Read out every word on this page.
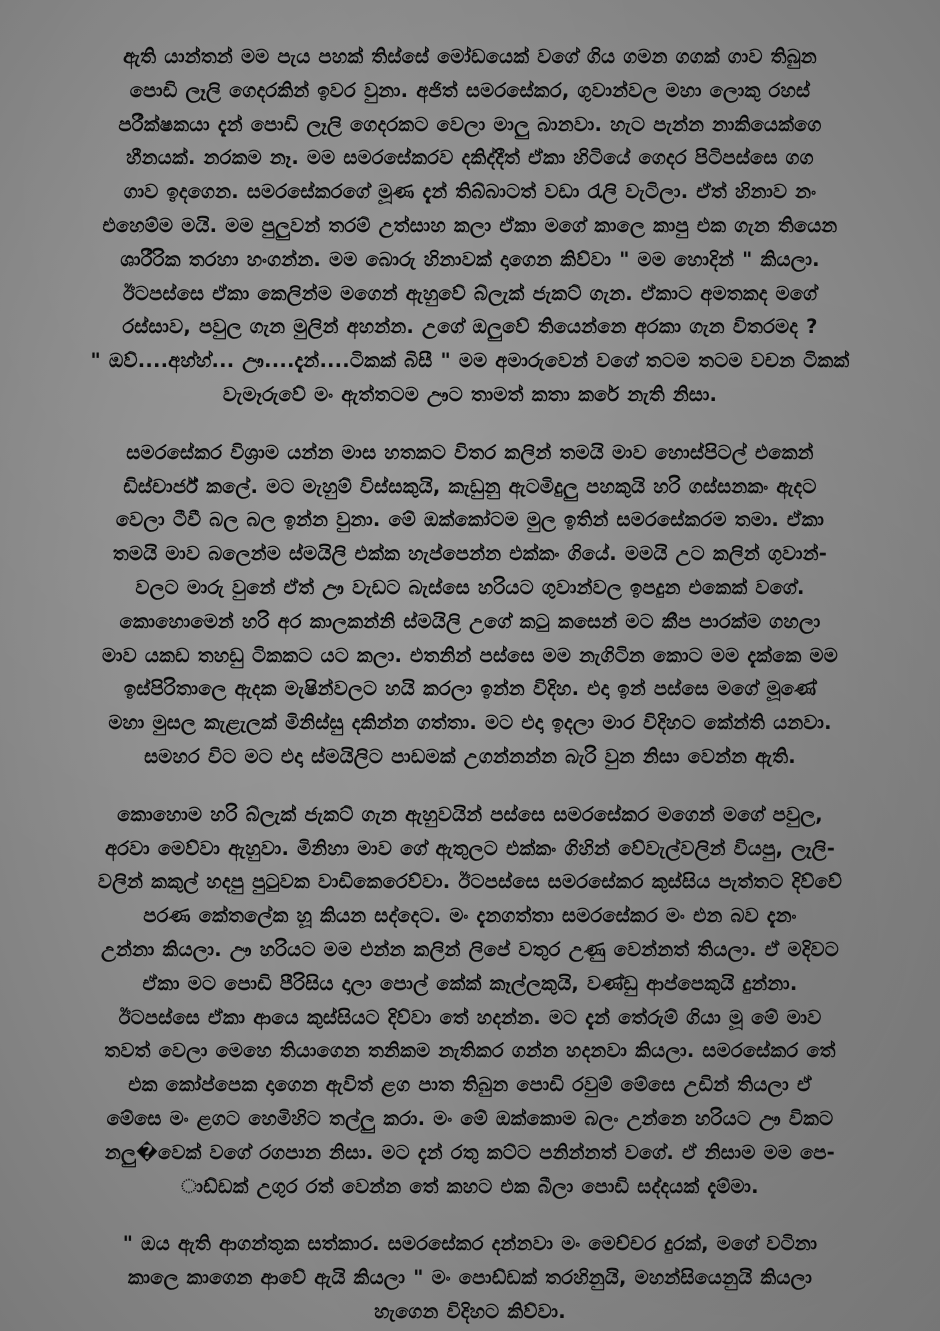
ඇති යාන්තන් මම පැය පහක් තිස්සේ මෝඩයෙක් වගේ ගිය ගමන ගගක් ගාව තිබුන
පොඩි ලෑලි ගෙදරකින් ඉවර වුනා. අජිත් සමරසේකර, ගුවාන්වල මහා ලොකු රහස්
පරීක්ෂකයා දැන් පොඩි ලෑලි ගෙදරකට වෙලා මාලු බානවා. හැට පැන්න නාකියෙක්ගෙ
හීනයක්. නරකම නෑ. මම සමරසේකරව දකිද්දීත් ඒකා හිටියේ ගෙදර පිටිපස්සෙ ගග
ගාව ඉදගෙන. සමරසේකරගේ මූණ දැන් තිබ්බාටත් වඩා රැලි වැටිලා. ඒත් හිනාව නං
එහෙම්ම මයි. මම පුලුවන් තරම් උත්සාහ කලා ඒකා මගේ කාලෙ කාපු එක ගැන තියෙන
ශාරීරික තරහා හංගන්න. මම බොරු හිනාවක් දාගෙන කිව්වා " මම හොදින් " කියලා.
ඊටපස්සෙ ඒකා කෙලින්ම මගෙන් ඇහුවේ බ්ලැක් ජැකට් ගැන. ඒකාට අමතකද මගේ
රස්සාව, පවුල ගැන මුලින් අහන්න. උගේ ඔලුවේ තියෙන්නෙ අරකා ගැන විතරමද ?
" ඔව්....අහ්හ්... ඌ....දැන්....ටිකක් බිසී " මම අමාරුවෙන් වගේ තටම තටම වචන ටිකක්
වැමෑරුවේ මං ඇත්තටම ඌට තාමත් කතා කරේ නැති නිසා.

සමරසේකර විශ්‍රාම යන්න මාස හතකට විතර කලින් තමයි මාව හොස්පිටල් එකෙන්
ඩිස්චාර්ජ් කලේ. මට මැහුම් විස්සකුයි, කැඩුනු ඇටමිදුලු පහකුයි හරි ගස්සනකං ඇදට
වෙලා ටීවී බල බල ඉන්න වුනා. මේ ඔක්කෝටම මුල ඉතින් සමරසේකරම තමා. ඒකා
තමයි මාව බලෙන්ම ස්මයිලි එක්ක හැප්පෙන්න එක්කං ගියේ. මමයි උට කලින් ගුවාන්-
වලට මාරු වුනේ ඒත් ඌ වැඩට බැස්සෙ හරියට ගුවාන්වල ඉපදුන එකෙක් වගේ.
කොහොමෙන් හරි අර කාලකන්නි ස්මයිලි උගේ කටු කසෙන් මට කීප පාරක්ම ගහලා
මාව යකඩ තහඩු ටිකකට යට කලා. එතනින් පස්සෙ මම නැගිටින කොට මම දැක්කෙ මම
ඉස්පිරිතාලෙ ඇදක මැෂින්වලට හයි කරලා ඉන්න විදිහ. එදා ඉන් පස්සෙ මගේ මූණේ
මහා මුසල කැළැලක් මිනිස්සු දකින්න ගත්තා. මට එදා ඉදලා මාර විදිහට කේන්ති යනවා.
සමහර විට මට එදා ස්මයිලිට පාඩමක් උගන්නන්න බැරි වුන නිසා වෙන්න ඇති.

කොහොම හරි බ්ලැක් ජැකට් ගැන ඇහුවයින් පස්සෙ සමරසේකර මගෙන් මගේ පවුල,
අරවා මෙව්වා ඇහුවා. මිනිහා මාව ගේ ඇතුලට එක්කං ගිහින් වේවැල්වලින් වියපු, ලෑලි-
වලින් කකුල් හදපු පුටුවක වාඩිකෙරෙව්වා. ඊටපස්සෙ සමරසේකර කුස්සිය පැත්තට දිව්වේ
පරණ කේතලේක හූ කියන සද්දෙට. මං දැනගත්තා සමරසේකර මං එන බව දැනං
උන්නා කියලා. ඌ හරියට මම එන්න කලින් ලිපේ වතුර උණු වෙන්නත් තියලා. ඒ මදිවට
ඒකා මට පොඩි පීරිසිය දාලා පොල් කේක් කෑල්ලකුයි, වණ්ඩු ආප්පෙකුයි දුන්නා.
ඊටපස්සෙ ඒකා ආයෙ කුස්සියට දිව්වා තේ හදන්න. මට දැන් තේරුම් ගියා මූ මේ මාව
තවත් වෙලා මෙහෙ තියාගෙන තනිකම නැතිකර ගන්න හදනවා කියලා. සමරසේකර තේ
එක කෝප්පෙක දාගෙන ඇවිත් ළග පාත තිබුන පොඩි රවුම් මේසෙ උඩින් තියලා ඒ
මේසෙ මං ළගට හෙමිහිට තල්ලු කරා. මං මේ ඔක්කොම බලං උන්නෙ හරියට ඌ විකට
නලු�වෙක් වගේ රගපාන නිසා. මට දැන් රතු කට්ට පනින්නත් වගේ. ඒ නිසාම මම පෙ-
ාඩ්ඩක් උගුර රත් වෙන්න තේ කහට එක බීලා පොඩි සද්දයක් දැම්මා.

" ඔය ඇති ආගන්තුක සත්කාර. සමරසේකර දන්නවා මං මෙච්චර දුරක්, මගේ වටිනා
කාලෙ කාගෙන ආවේ ඇයි කියලා " මං පොඩ්ඩක් තරහිනුයි, මහන්සියෙනුයි කියලා
හැගෙන විදිහට කිව්වා.
